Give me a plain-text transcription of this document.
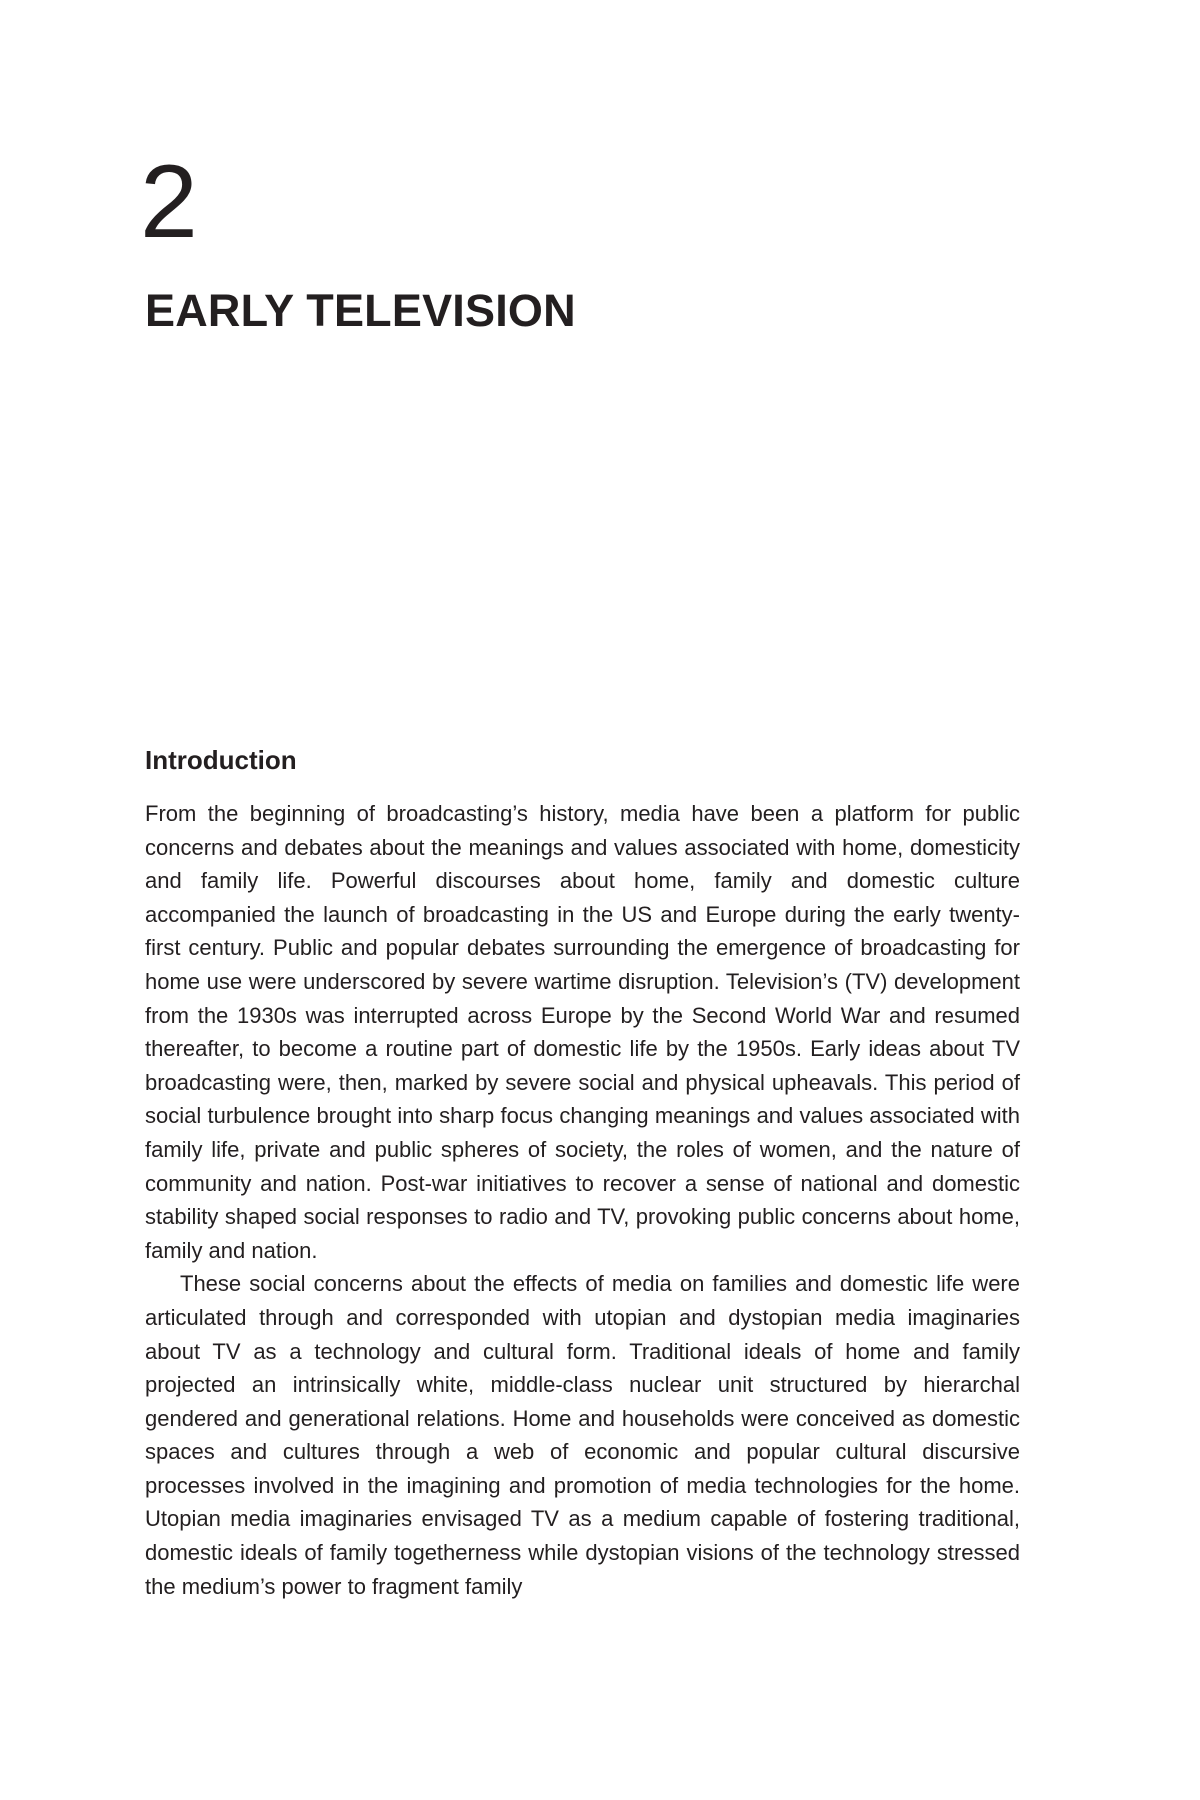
2
EARLY TELEVISION
Introduction

From the beginning of broadcasting’s history, media have been a platform for public concerns and debates about the meanings and values associated with home, domesticity and family life. Powerful discourses about home, family and domestic culture accompanied the launch of broadcasting in the US and Europe during the early twenty-first century. Public and popular debates surrounding the emergence of broadcasting for home use were underscored by severe wartime disruption. Television’s (TV) development from the 1930s was interrupted across Europe by the Second World War and resumed thereafter, to become a routine part of domestic life by the 1950s. Early ideas about TV broadcasting were, then, marked by severe social and physical upheavals. This period of social turbulence brought into sharp focus changing meanings and values associated with family life, private and public spheres of society, the roles of women, and the nature of community and nation. Post-war initiatives to recover a sense of national and domestic stability shaped social responses to radio and TV, provoking public concerns about home, family and nation.

These social concerns about the effects of media on families and domestic life were articulated through and corresponded with utopian and dystopian media imaginaries about TV as a technology and cultural form. Traditional ideals of home and family projected an intrinsically white, middle-class nuclear unit structured by hierarchal gendered and generational relations. Home and households were conceived as domestic spaces and cultures through a web of economic and popular cultural discursive processes involved in the imagining and promotion of media technologies for the home. Utopian media imaginaries envisaged TV as a medium capable of fostering traditional, domestic ideals of family togetherness while dystopian visions of the technology stressed the medium’s power to fragment family
